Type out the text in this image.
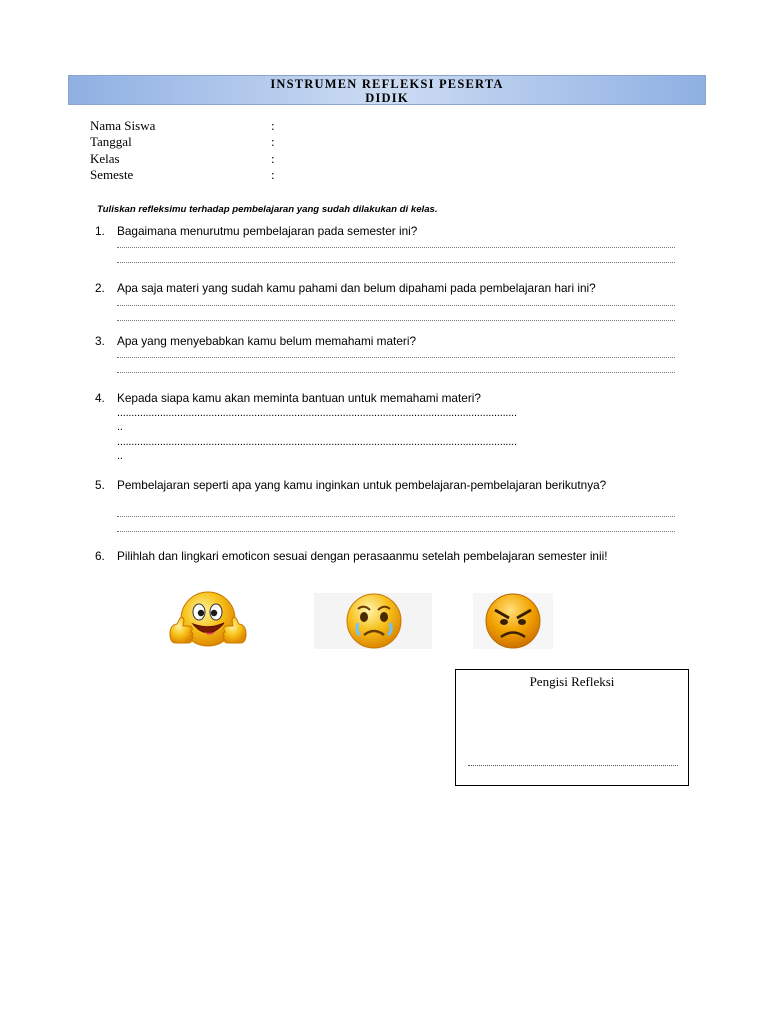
INSTRUMEN REFLEKSI PESERTA
DIDIK
Nama Siswa	:
Tanggal	:
Kelas	:
Semeste	:
Tuliskan refleksimu terhadap pembelajaran yang sudah dilakukan di kelas.
1. Bagaimana menurutmu pembelajaran pada semester ini?
2. Apa saja materi yang sudah kamu pahami dan belum dipahami pada pembelajaran hari ini?
3. Apa yang menyebabkan kamu belum memahami materi?
4. Kepada siapa kamu akan meminta bantuan untuk memahami materi?
............................................................................................................................................
..
............................................................................................................................................
..
5. Pembelajaran seperti apa yang kamu inginkan untuk pembelajaran-pembelajaran berikutnya?
6. Pilihlah dan lingkari emoticon sesuai dengan perasaanmu setelah pembelajaran semester inii!
Pengisi Refleksi
